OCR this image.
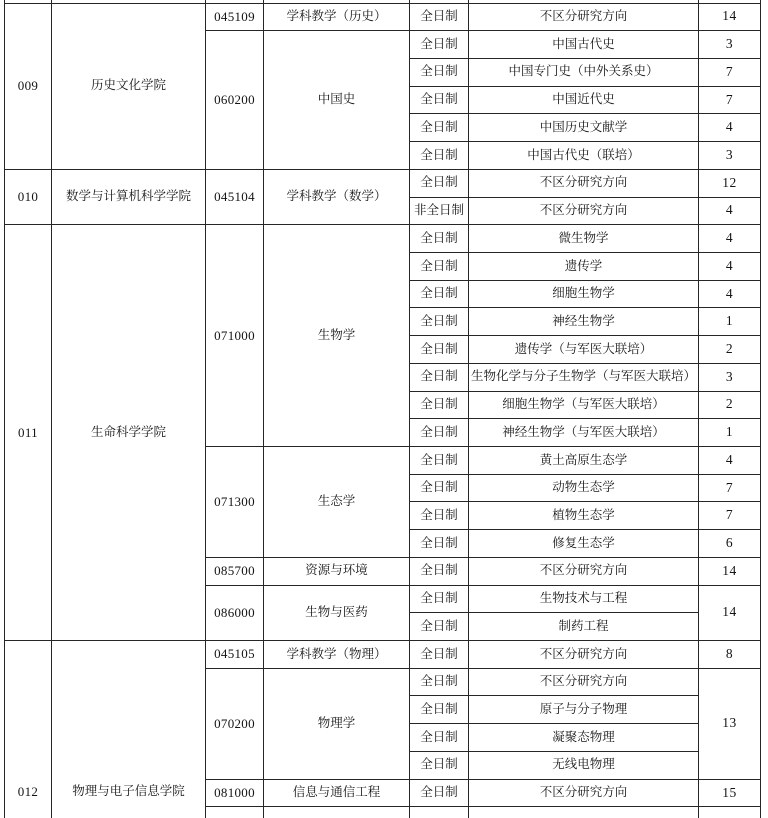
009	历史文化学院	045109	学科教学（历史）	全日制	不区分研究方向	14
		060200	中国史	全日制	中国古代史	3
				全日制	中国专门史（中外关系史）	7
				全日制	中国近代史	7
				全日制	中国历史文献学	4
				全日制	中国古代史（联培）	3
010	数学与计算机科学学院	045104	学科教学（数学）	全日制	不区分研究方向	12
				非全日制	不区分研究方向	4
011	生命科学学院	071000	生物学	全日制	微生物学	4
				全日制	遗传学	4
				全日制	细胞生物学	4
				全日制	神经生物学	1
				全日制	遗传学（与军医大联培）	2
				全日制	生物化学与分子生物学（与军医大联培）	3
				全日制	细胞生物学（与军医大联培）	2
				全日制	神经生物学（与军医大联培）	1
		071300	生态学	全日制	黄土高原生态学	4
				全日制	动物生态学	7
				全日制	植物生态学	7
				全日制	修复生态学	6
		085700	资源与环境	全日制	不区分研究方向	14
		086000	生物与医药	全日制	生物技术与工程	14
				全日制	制药工程	
012	物理与电子信息学院	045105	学科教学（物理）	全日制	不区分研究方向	8
		070200	物理学	全日制	不区分研究方向	13
				全日制	原子与分子物理	
				全日制	凝聚态物理	
				全日制	无线电物理	
		081000	信息与通信工程	全日制	不区分研究方向	15
